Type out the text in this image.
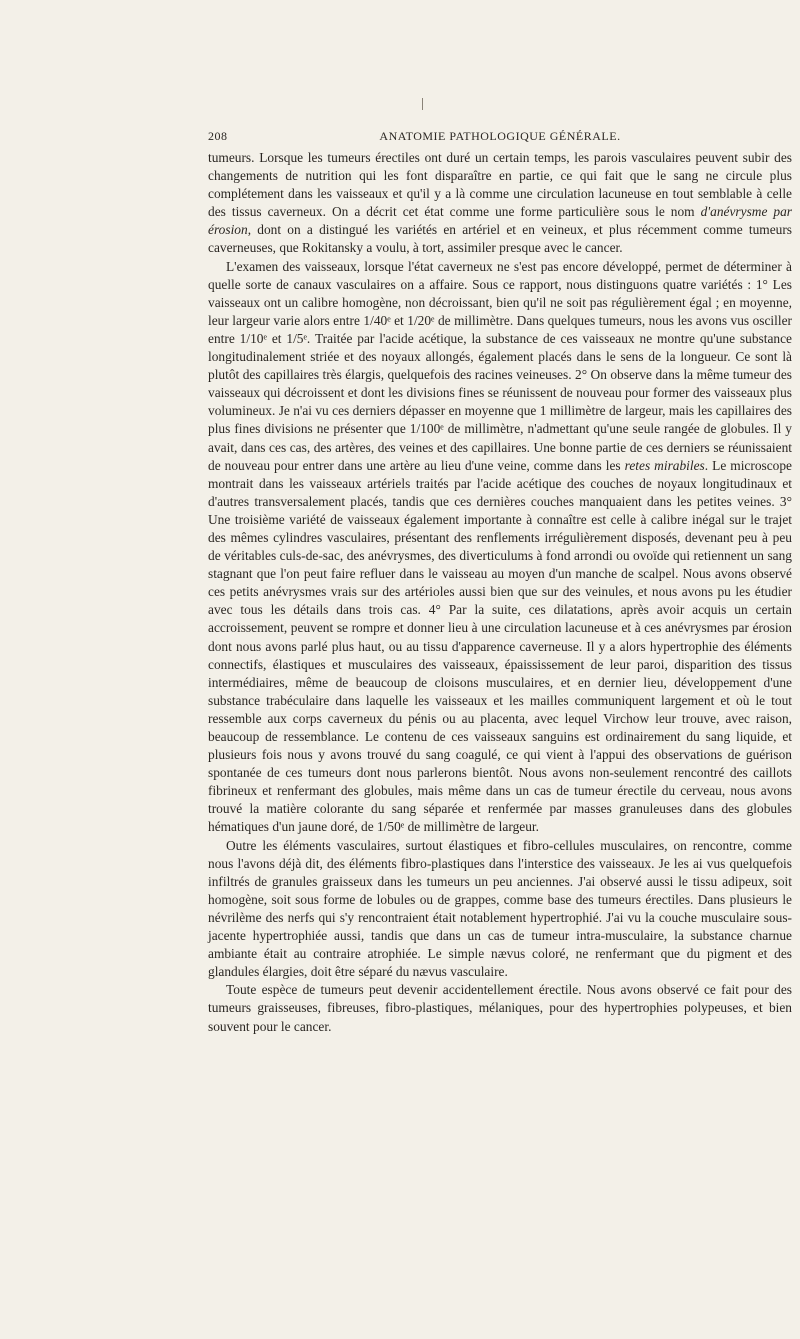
208	ANATOMIE PATHOLOGIQUE GÉNÉRALE.

tumeurs. Lorsque les tumeurs érectiles ont duré un certain temps, les parois vasculaires peuvent subir des changements de nutrition qui les font disparaître en partie, ce qui fait que le sang ne circule plus complétement dans les vaisseaux et qu'il y a là comme une circulation lacuneuse en tout semblable à celle des tissus caverneux. On a décrit cet état comme une forme particulière sous le nom d'anévrysme par érosion, dont on a distingué les variétés en artériel et en veineux, et plus récemment comme tumeurs caverneuses, que Rokitansky a voulu, à tort, assimiler presque avec le cancer.

L'examen des vaisseaux, lorsque l'état caverneux ne s'est pas encore développé, permet de déterminer à quelle sorte de canaux vasculaires on a affaire. Sous ce rapport, nous distinguons quatre variétés : 1° Les vaisseaux ont un calibre homogène, non décroissant, bien qu'il ne soit pas régulièrement égal ; en moyenne, leur largeur varie alors entre 1/40ᵉ et 1/20ᵉ de millimètre. Dans quelques tumeurs, nous les avons vus osciller entre 1/10ᵉ et 1/5ᵉ. Traitée par l'acide acétique, la substance de ces vaisseaux ne montre qu'une substance longitudinalement striée et des noyaux allongés, également placés dans le sens de la longueur. Ce sont là plutôt des capillaires très élargis, quelquefois des racines veineuses. 2° On observe dans la même tumeur des vaisseaux qui décroissent et dont les divisions fines se réunissent de nouveau pour former des vaisseaux plus volumineux. Je n'ai vu ces derniers dépasser en moyenne que 1 millimètre de largeur, mais les capillaires des plus fines divisions ne présenter que 1/100ᵉ de millimètre, n'admettant qu'une seule rangée de globules. Il y avait, dans ces cas, des artères, des veines et des capillaires. Une bonne partie de ces derniers se réunissaient de nouveau pour entrer dans une artère au lieu d'une veine, comme dans les retes mirabiles. Le microscope montrait dans les vaisseaux artériels traités par l'acide acétique des couches de noyaux longitudinaux et d'autres transversalement placés, tandis que ces dernières couches manquaient dans les petites veines. 3° Une troisième variété de vaisseaux également importante à connaître est celle à calibre inégal sur le trajet des mêmes cylindres vasculaires, présentant des renflements irrégulièrement disposés, devenant peu à peu de véritables culs-de-sac, des anévrysmes, des diverticulums à fond arrondi ou ovoïde qui retiennent un sang stagnant que l'on peut faire refluer dans le vaisseau au moyen d'un manche de scalpel. Nous avons observé ces petits anévrysmes vrais sur des artérioles aussi bien que sur des veinules, et nous avons pu les étudier avec tous les détails dans trois cas. 4° Par la suite, ces dilatations, après avoir acquis un certain accroissement, peuvent se rompre et donner lieu à une circulation lacuneuse et à ces anévrysmes par érosion dont nous avons parlé plus haut, ou au tissu d'apparence caverneuse. Il y a alors hypertrophie des éléments connectifs, élastiques et musculaires des vaisseaux, épaississement de leur paroi, disparition des tissus intermédiaires, même de beaucoup de cloisons musculaires, et en dernier lieu, développement d'une substance trabéculaire dans laquelle les vaisseaux et les mailles communiquent largement et où le tout ressemble aux corps caverneux du pénis ou au placenta, avec lequel Virchow leur trouve, avec raison, beaucoup de ressemblance. Le contenu de ces vaisseaux sanguins est ordinairement du sang liquide, et plusieurs fois nous y avons trouvé du sang coagulé, ce qui vient à l'appui des observations de guérison spontanée de ces tumeurs dont nous parlerons bientôt. Nous avons non-seulement rencontré des caillots fibrineux et renfermant des globules, mais même dans un cas de tumeur érectile du cerveau, nous avons trouvé la matière colorante du sang séparée et renfermée par masses granuleuses dans des globules hématiques d'un jaune doré, de 1/50ᵉ de millimètre de largeur.

Outre les éléments vasculaires, surtout élastiques et fibro-cellules musculaires, on rencontre, comme nous l'avons déjà dit, des éléments fibro-plastiques dans l'interstice des vaisseaux. Je les ai vus quelquefois infiltrés de granules graisseux dans les tumeurs un peu anciennes. J'ai observé aussi le tissu adipeux, soit homogène, soit sous forme de lobules ou de grappes, comme base des tumeurs érectiles. Dans plusieurs le névrilème des nerfs qui s'y rencontraient était notablement hypertrophié. J'ai vu la couche musculaire sous-jacente hypertrophiée aussi, tandis que dans un cas de tumeur intra-musculaire, la substance charnue ambiante était au contraire atrophiée. Le simple nævus coloré, ne renfermant que du pigment et des glandules élargies, doit être séparé du nævus vasculaire.

Toute espèce de tumeurs peut devenir accidentellement érectile. Nous avons observé ce fait pour des tumeurs graisseuses, fibreuses, fibro-plastiques, mélaniques, pour des hypertrophies polypeuses, et bien souvent pour le cancer.
